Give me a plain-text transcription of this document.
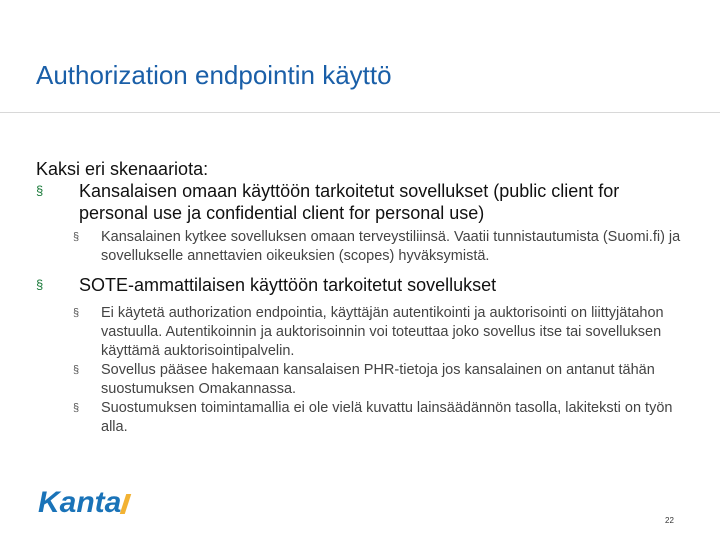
Authorization endpointin käyttö

Kaksi eri skenaariota:

§ Kansalaisen omaan käyttöön tarkoitetut sovellukset (public client for personal use ja confidential client for personal use)
§ Kansalainen kytkee sovelluksen omaan terveystiliinsä. Vaatii tunnistautumista (Suomi.fi) ja sovellukselle annettavien oikeuksien (scopes) hyväksymistä.
§ SOTE-ammattilaisen käyttöön tarkoitetut sovellukset
§ Ei käytetä authorization endpointia, käyttäjän autentikointi ja auktorisointi on liittyjätahon vastuulla. Autentikoinnin ja auktorisoinnin voi toteuttaa joko sovellus itse tai sovelluksen käyttämä auktorisointipalvelin.
§ Sovellus pääsee hakemaan kansalaisen PHR-tietoja jos kansalainen on antanut tähän suostumuksen Omakannassa.
§ Suostumuksen toimintamallia ei ole vielä kuvattu lainsäädännön tasolla, lakiteksti on työn alla.
Kanta
22
